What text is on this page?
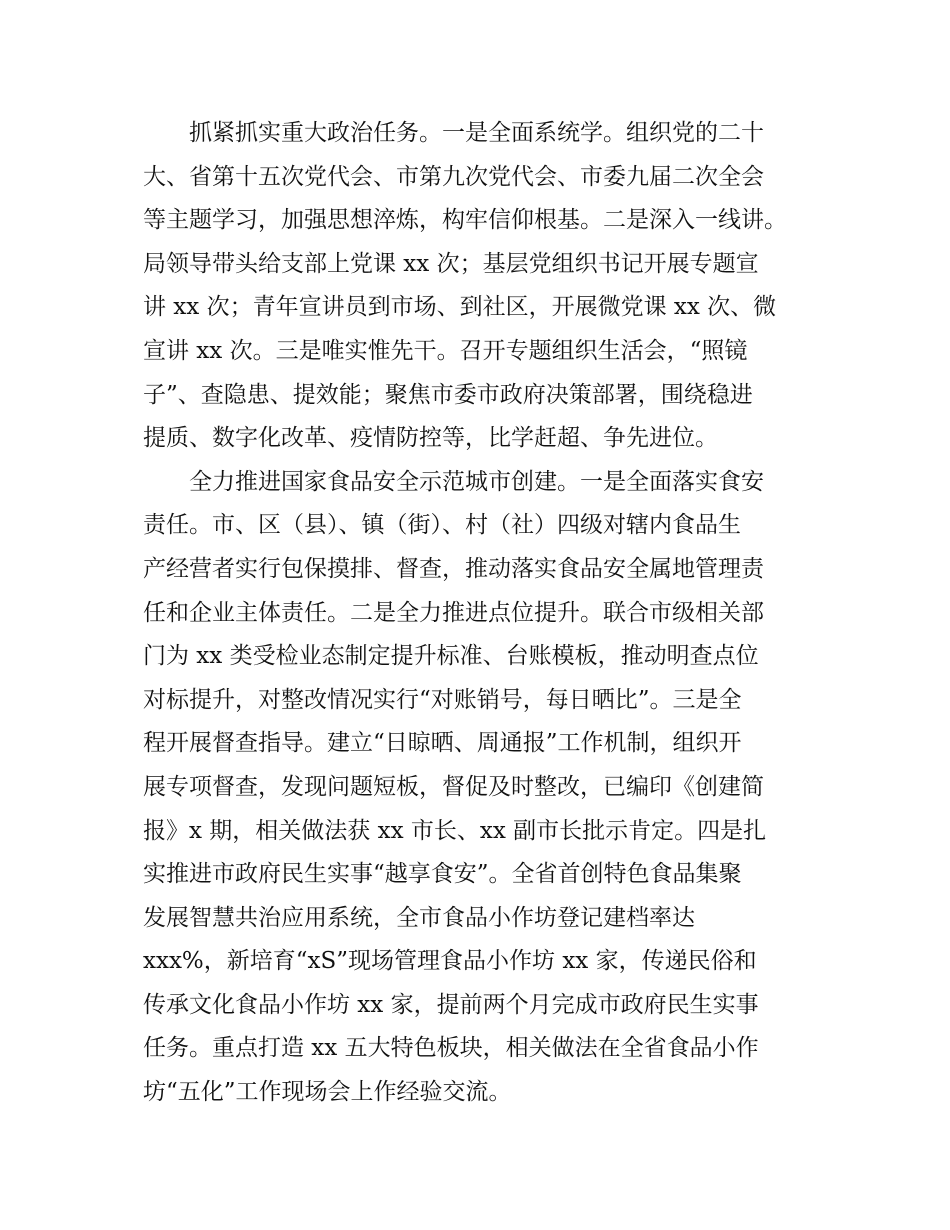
抓紧抓实重大政治任务。一是全面系统学。组织党的二十
大、省第十五次党代会、市第九次党代会、市委九届二次全会
等主题学习，加强思想淬炼，构牢信仰根基。二是深入一线讲。
局领导带头给支部上党课 xx 次；基层党组织书记开展专题宣
讲 xx 次；青年宣讲员到市场、到社区，开展微党课 xx 次、微
宣讲 xx 次。三是唯实惟先干。召开专题组织生活会，“照镜
子”、查隐患、提效能；聚焦市委市政府决策部署，围绕稳进
提质、数字化改革、疫情防控等，比学赶超、争先进位。
全力推进国家食品安全示范城市创建。一是全面落实食安
责任。市、区（县）、镇（街）、村（社）四级对辖内食品生
产经营者实行包保摸排、督查，推动落实食品安全属地管理责
任和企业主体责任。二是全力推进点位提升。联合市级相关部
门为 xx 类受检业态制定提升标准、台账模板，推动明查点位
对标提升，对整改情况实行“对账销号，每日晒比”。三是全
程开展督查指导。建立“日晾晒、周通报”工作机制，组织开
展专项督查，发现问题短板，督促及时整改，已编印《创建简
报》x 期，相关做法获 xx 市长、xx 副市长批示肯定。四是扎
实推进市政府民生实事“越享食安”。全省首创特色食品集聚
发展智慧共治应用系统，全市食品小作坊登记建档率达
xxx%，新培育“xS”现场管理食品小作坊 xx 家，传递民俗和
传承文化食品小作坊 xx 家，提前两个月完成市政府民生实事
任务。重点打造 xx 五大特色板块，相关做法在全省食品小作
坊“五化”工作现场会上作经验交流。
